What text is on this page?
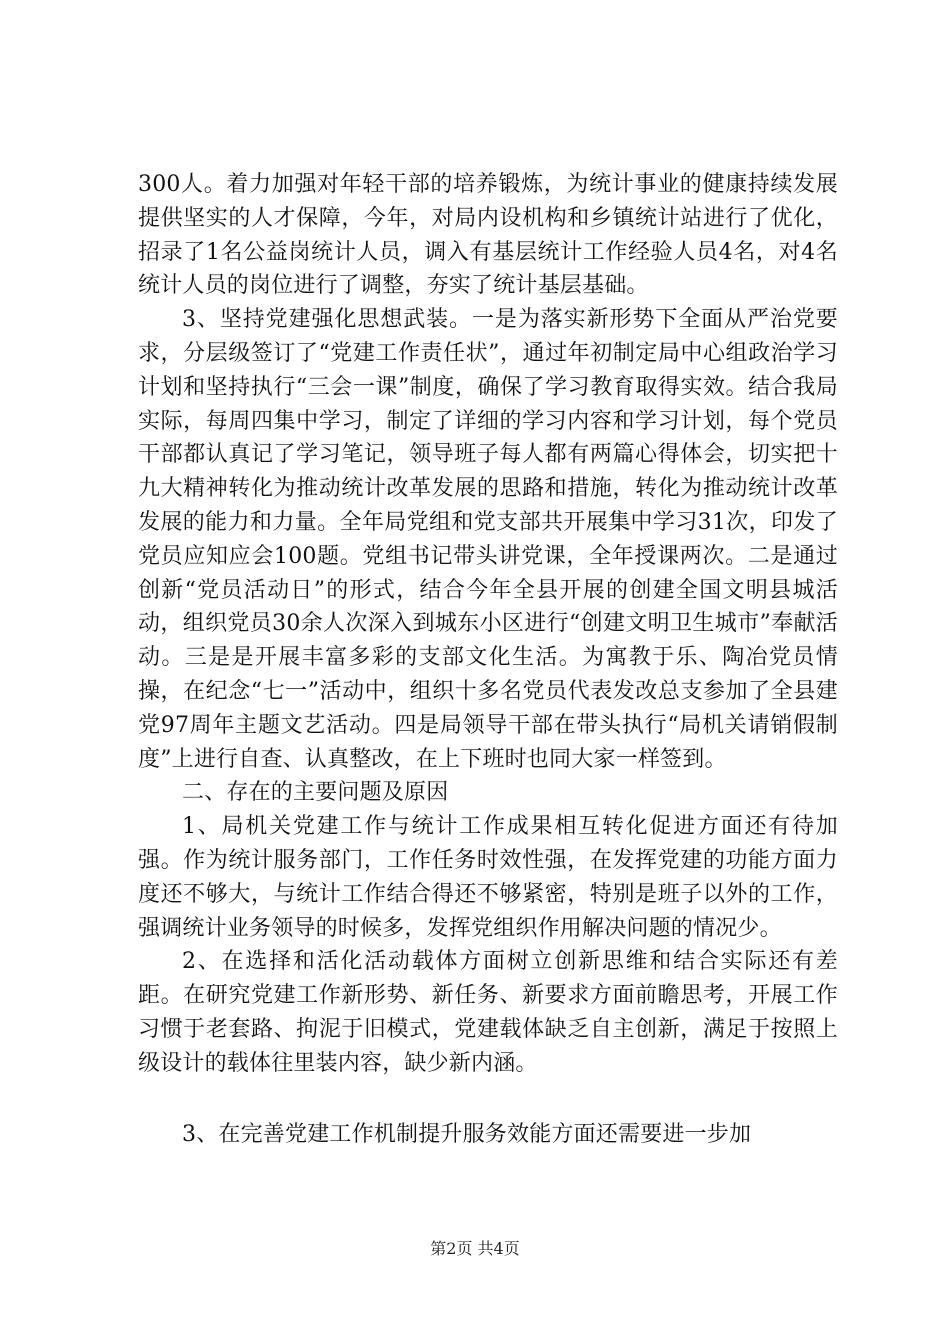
300人。着力加强对年轻干部的培养锻炼，为统计事业的健康持续发展提供坚实的人才保障，今年，对局内设机构和乡镇统计站进行了优化，招录了1名公益岗统计人员，调入有基层统计工作经验人员4名，对4名统计人员的岗位进行了调整，夯实了统计基层基础。

3、坚持党建强化思想武装。一是为落实新形势下全面从严治党要求，分层级签订了“党建工作责任状”，通过年初制定局中心组政治学习计划和坚持执行“三会一课”制度，确保了学习教育取得实效。结合我局实际，每周四集中学习，制定了详细的学习内容和学习计划，每个党员干部都认真记了学习笔记，领导班子每人都有两篇心得体会，切实把十九大精神转化为推动统计改革发展的思路和措施，转化为推动统计改革发展的能力和力量。全年局党组和党支部共开展集中学习31次，印发了党员应知应会100题。党组书记带头讲党课，全年授课两次。二是通过创新“党员活动日”的形式，结合今年全县开展的创建全国文明县城活动，组织党员30余人次深入到城东小区进行“创建文明卫生城市”奉献活动。三是是开展丰富多彩的支部文化生活。为寓教于乐、陶冶党员情操，在纪念“七一”活动中，组织十多名党员代表发改总支参加了全县建党97周年主题文艺活动。四是局领导干部在带头执行“局机关请销假制度”上进行自查、认真整改，在上下班时也同大家一样签到。

二、存在的主要问题及原因

1、局机关党建工作与统计工作成果相互转化促进方面还有待加强。作为统计服务部门，工作任务时效性强，在发挥党建的功能方面力度还不够大，与统计工作结合得还不够紧密，特别是班子以外的工作，强调统计业务领导的时候多，发挥党组织作用解决问题的情况少。

2、在选择和活化活动载体方面树立创新思维和结合实际还有差距。在研究党建工作新形势、新任务、新要求方面前瞻思考，开展工作习惯于老套路、拘泥于旧模式，党建载体缺乏自主创新，满足于按照上级设计的载体往里装内容，缺少新内涵。

3、在完善党建工作机制提升服务效能方面还需要进一步加

第2页 共4页
